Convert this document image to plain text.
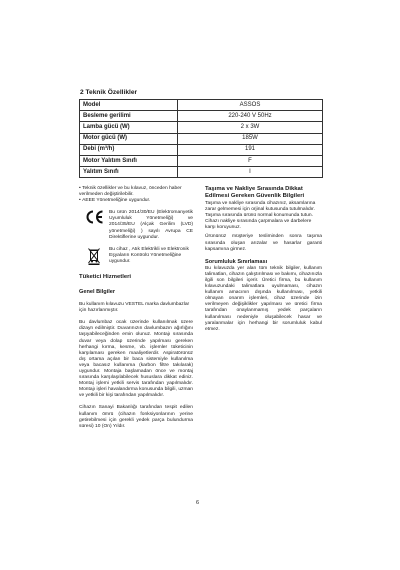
2 Teknik Özellikler
Model	ASSOS
Besleme gerilimi	220-240 V 50Hz
Lamba gücü (W)	2 x 3W
Motor gücü (W)	185W
Debi (m³/h)	191
Motor Yalıtım Sınıfı	F
Yalıtım Sınıfı	I

• Teknik özellikler ve bu kılavuz, önceden haber verilmeden değiştirilebilir.

• AEEE Yönetmeliğine uygundur.

Bu ürün 2014/30/EU (Elektromanyetik Uyumluluk Yönetmeliği) ve 2014/35/EU (Alçak Gerilim (LVD) yönetmeliği) ) sayılı Avrupa CE Direktiflerine uygundur.

Bu cihaz , Atık Elektrikli ve Elektronik Eşyaların Kontrolü Yönetmeliğine uygundur.

Tüketici Hizmetleri

Genel Bilgiler

Bu kullanım kılavuzu VESTEL marka davlumbazlar için hazırlanmıştır.

Bu davlumbaz ocak üzerinde kullanılmak üzere dizayn edilmiştir. Duvarınızın davlumbazın ağırlığını taşıyabileceğinden emin olunuz. Montajı sırasında duvar veya dolap üzerinde yapılması gereken herhangi kırma, kesme, vb. işlemler tüketicinin karşılaması gereken maaliyetlerdir. Aspiratörünüz dış ortama açılan bir baca sistemiyle kullanılma veya bacasız kullanıma (karbon filtre takılarak) uygundur. Montaja başlamadan önce ve montaj sırasında karşılaşılabilecek hususlara dikkat ediniz. Montaj işlemi yetkili servis tarafından yapılmalıdır. Montajı işleri havalandırma konusunda bilgili, uzman ve yetkili bir kişi tarafından yapılmalıdır.

Cihazın Sanayi Bakanlığı tarafından tespit edilen kullanım ömrü (cihazın fonksiyonlarının yerine getirebilmesi için gerekli yedek parça bulundurma süresi) 10 (On) Yıldır.

Taşıma ve Nakliye Sırasında Dikkat Edilmesi Gereken Güvenlik Bilgileri

Taşıma ve nakliye sırasında cihazınız, aksamlarına zarar gelmemesi için orjinal kutusunda tutulmalıdır. Taşıma sırasında ürünü normal konumunda tutun. Cihazı nakliye sırasında çarpmalara ve darbelere karşı koruyunuz.

Ürününüz müşteriye tesliminden sonra taşıma sırasında oluşan arızalar ve hasarlar garanti kapsamına girmez.

Sorumluluk Sınırlaması

Bu kılavuzda yer alan tüm teknik bilgiler, kullanım talimatları, cihazın çalıştırılması ve bakımı, cihazınızla ilgili son bilgileri içerir. Üretici firma, bu kullanım kılavuzundaki talimatlara uyulmaması, cihazın kullanım amacının dışında kullanılması, yetkili olmayan onarım işlemleri, cihaz üzerinde izin verilmeyen değişiklikler yapılması ve üretici firma tarafından onaylanmamış yedek parçaların kullanılması nedeniyle oluşabilecek hasar ve yaralanmalar için herhangi bir sorumluluk kabul etmez.

6
